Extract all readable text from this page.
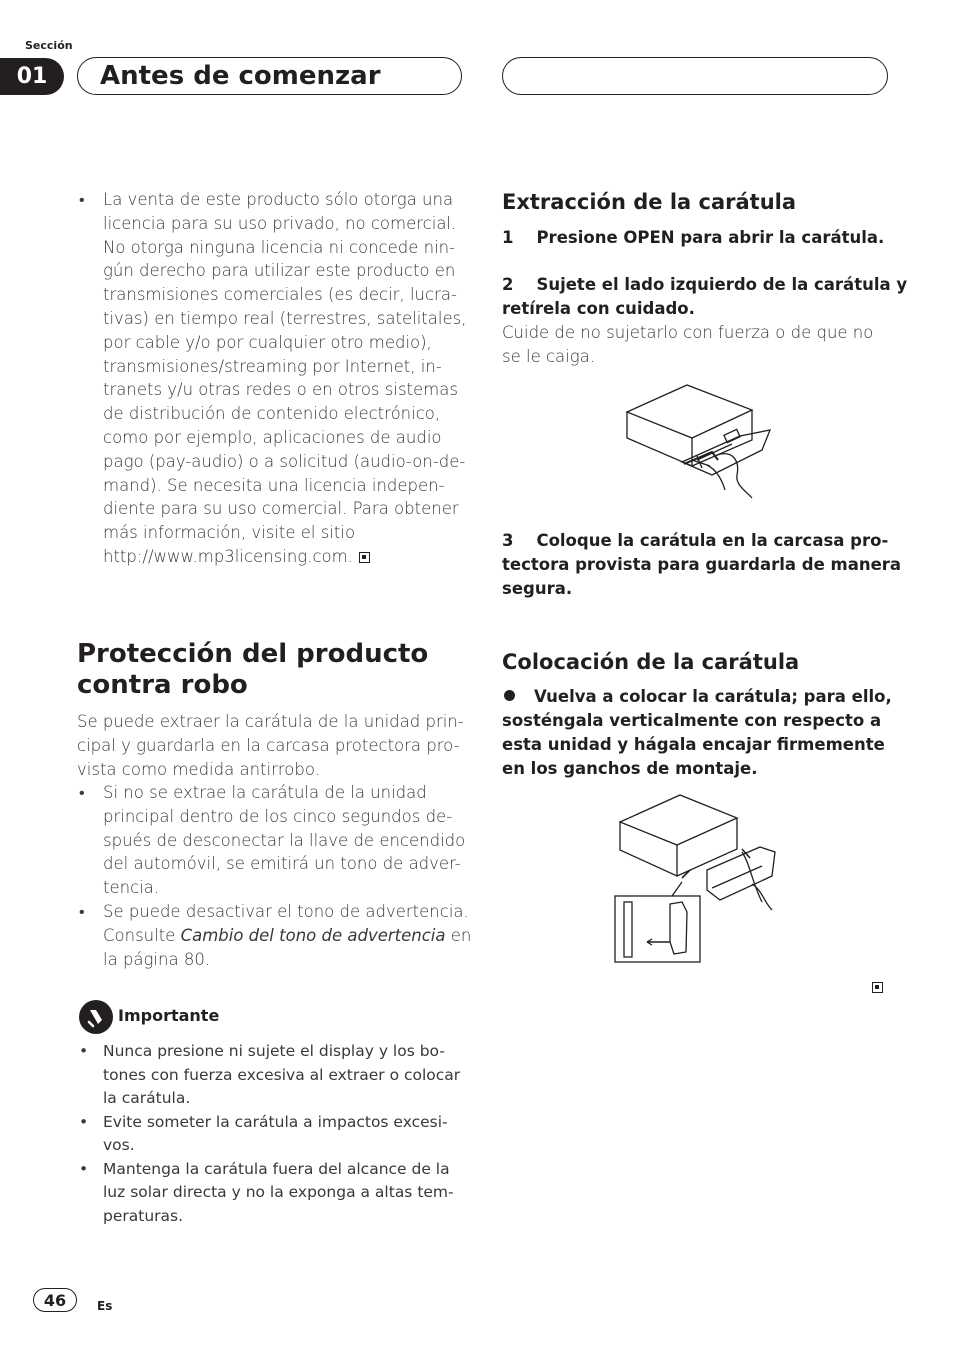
Sección
01	Antes de comenzar
• La venta de este producto sólo otorga una
licencia para su uso privado, no comercial.
No otorga ninguna licencia ni concede nin-
gún derecho para utilizar este producto en
transmisiones comerciales (es decir, lucra-
tivas) en tiempo real (terrestres, satelitales,
por cable y/o por cualquier otro medio),
transmisiones/streaming por Internet, in-
tranets y/u otras redes o en otros sistemas
de distribución de contenido electrónico,
como por ejemplo, aplicaciones de audio
pago (pay-audio) o a solicitud (audio-on-de-
mand). Se necesita una licencia indepen-
diente para su uso comercial. Para obtener
más información, visite el sitio
http://www.mp3licensing.com.
Protección del producto
contra robo
Se puede extraer la carátula de la unidad prin-
cipal y guardarla en la carcasa protectora pro-
vista como medida antirrobo.
• Si no se extrae la carátula de la unidad
principal dentro de los cinco segundos de-
spués de desconectar la llave de encendido
del automóvil, se emitirá un tono de adver-
tencia.
• Se puede desactivar el tono de advertencia.
Consulte Cambio del tono de advertencia en
la página 80.
Importante
• Nunca presione ni sujete el display y los bo-
tones con fuerza excesiva al extraer o colocar
la carátula.
• Evite someter la carátula a impactos excesi-
vos.
• Mantenga la carátula fuera del alcance de la
luz solar directa y no la exponga a altas tem-
peraturas.
Extracción de la carátula
1    Presione OPEN para abrir la carátula.
2    Sujete el lado izquierdo de la carátula y
retírela con cuidado.
Cuide de no sujetarlo con fuerza o de que no
se le caiga.
3    Coloque la carátula en la carcasa pro-
tectora provista para guardarla de manera
segura.
Colocación de la carátula
Vuelva a colocar la carátula; para ello,
sosténgala verticalmente con respecto a
esta unidad y hágala encajar firmemente
en los ganchos de montaje.
46	Es
